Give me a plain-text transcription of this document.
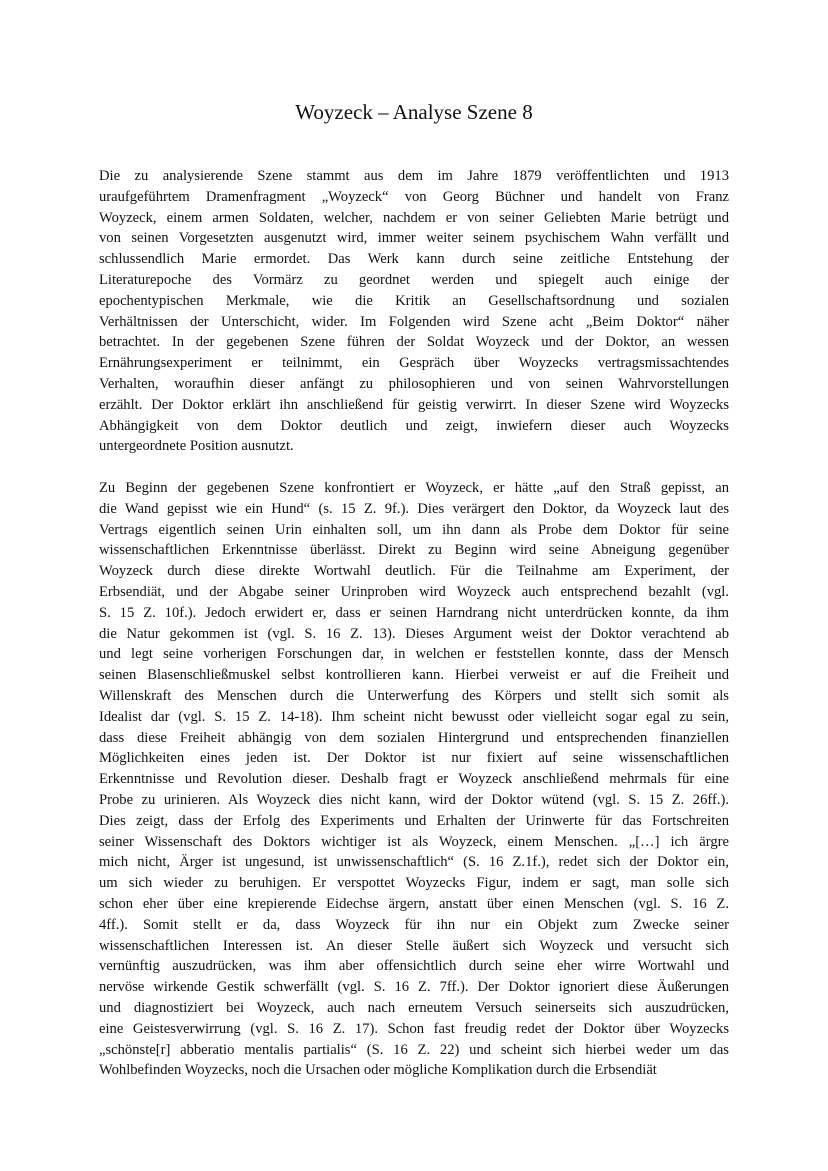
Woyzeck – Analyse Szene 8
Die zu analysierende Szene stammt aus dem im Jahre 1879 veröffentlichten und 1913
uraufgeführtem Dramenfragment „Woyzeck“ von Georg Büchner und handelt von Franz
Woyzeck, einem armen Soldaten, welcher, nachdem er von seiner Geliebten Marie betrügt und
von seinen Vorgesetzten ausgenutzt wird, immer weiter seinem psychischem Wahn verfällt und
schlussendlich Marie ermordet. Das Werk kann durch seine zeitliche Entstehung der
Literaturepoche des Vormärz zu geordnet werden und spiegelt auch einige der
epochentypischen Merkmale, wie die Kritik an Gesellschaftsordnung und sozialen
Verhältnissen der Unterschicht, wider. Im Folgenden wird Szene acht „Beim Doktor“ näher
betrachtet. In der gegebenen Szene führen der Soldat Woyzeck und der Doktor, an wessen
Ernährungsexperiment er teilnimmt, ein Gespräch über Woyzecks vertragsmissachtendes
Verhalten, woraufhin dieser anfängt zu philosophieren und von seinen Wahrvorstellungen
erzählt. Der Doktor erklärt ihn anschließend für geistig verwirrt. In dieser Szene wird Woyzecks
Abhängigkeit von dem Doktor deutlich und zeigt, inwiefern dieser auch Woyzecks
untergeordnete Position ausnutzt.
Zu Beginn der gegebenen Szene konfrontiert er Woyzeck, er hätte „auf den Straß gepisst, an
die Wand gepisst wie ein Hund“ (s. 15 Z. 9f.). Dies verärgert den Doktor, da Woyzeck laut des
Vertrags eigentlich seinen Urin einhalten soll, um ihn dann als Probe dem Doktor für seine
wissenschaftlichen Erkenntnisse überlässt. Direkt zu Beginn wird seine Abneigung gegenüber
Woyzeck durch diese direkte Wortwahl deutlich. Für die Teilnahme am Experiment, der
Erbsendiät, und der Abgabe seiner Urinproben wird Woyzeck auch entsprechend bezahlt (vgl.
S. 15 Z. 10f.). Jedoch erwidert er, dass er seinen Harndrang nicht unterdrücken konnte, da ihm
die Natur gekommen ist (vgl. S. 16 Z. 13). Dieses Argument weist der Doktor verachtend ab
und legt seine vorherigen Forschungen dar, in welchen er feststellen konnte, dass der Mensch
seinen Blasenschließmuskel selbst kontrollieren kann. Hierbei verweist er auf die Freiheit und
Willenskraft des Menschen durch die Unterwerfung des Körpers und stellt sich somit als
Idealist dar (vgl. S. 15 Z. 14-18). Ihm scheint nicht bewusst oder vielleicht sogar egal zu sein,
dass diese Freiheit abhängig von dem sozialen Hintergrund und entsprechenden finanziellen
Möglichkeiten eines jeden ist. Der Doktor ist nur fixiert auf seine wissenschaftlichen
Erkenntnisse und Revolution dieser. Deshalb fragt er Woyzeck anschließend mehrmals für eine
Probe zu urinieren. Als Woyzeck dies nicht kann, wird der Doktor wütend (vgl. S. 15 Z. 26ff.).
Dies zeigt, dass der Erfolg des Experiments und Erhalten der Urinwerte für das Fortschreiten
seiner Wissenschaft des Doktors wichtiger ist als Woyzeck, einem Menschen. „[…] ich ärgre
mich nicht, Ärger ist ungesund, ist unwissenschaftlich“ (S. 16 Z.1f.), redet sich der Doktor ein,
um sich wieder zu beruhigen. Er verspottet Woyzecks Figur, indem er sagt, man solle sich
schon eher über eine krepierende Eidechse ärgern, anstatt über einen Menschen (vgl. S. 16 Z.
4ff.). Somit stellt er da, dass Woyzeck für ihn nur ein Objekt zum Zwecke seiner
wissenschaftlichen Interessen ist. An dieser Stelle äußert sich Woyzeck und versucht sich
vernünftig auszudrücken, was ihm aber offensichtlich durch seine eher wirre Wortwahl und
nervöse wirkende Gestik schwerfällt (vgl. S. 16 Z. 7ff.). Der Doktor ignoriert diese Äußerungen
und diagnostiziert bei Woyzeck, auch nach erneutem Versuch seinerseits sich auszudrücken,
eine Geistesverwirrung (vgl. S. 16 Z. 17). Schon fast freudig redet der Doktor über Woyzecks
„schönste[r] abberatio mentalis partialis“ (S. 16 Z. 22) und scheint sich hierbei weder um das
Wohlbefinden Woyzecks, noch die Ursachen oder mögliche Komplikation durch die Erbsendiät
